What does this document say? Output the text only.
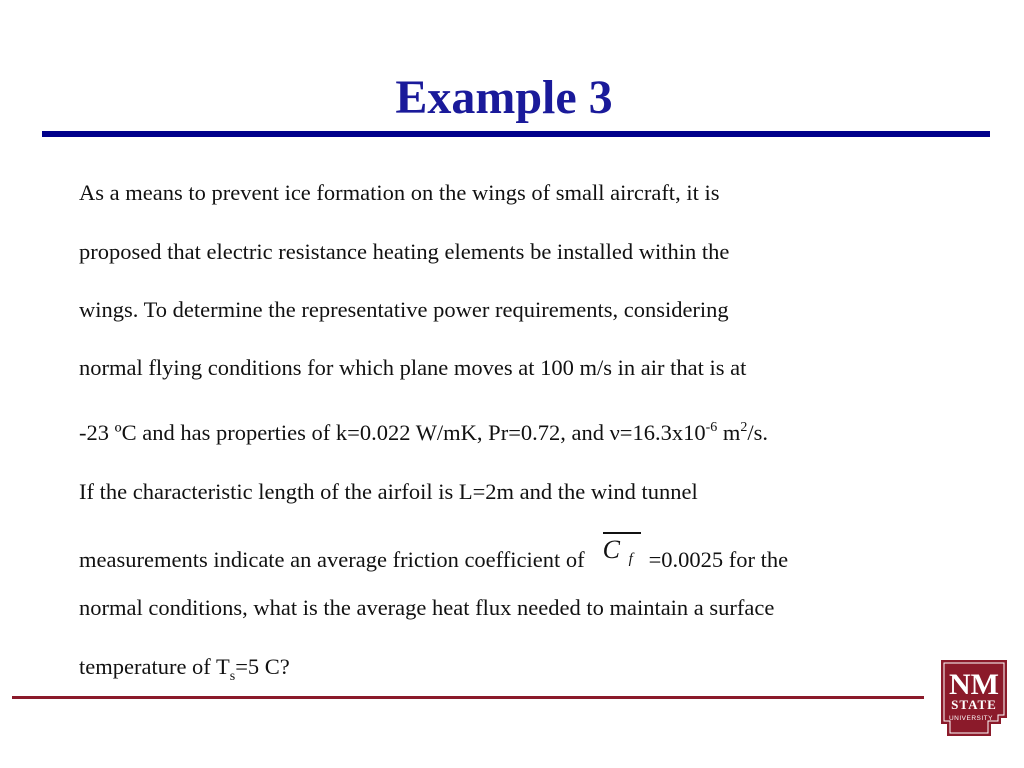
Example 3
As a means to prevent ice formation on the wings of small aircraft, it is
proposed that electric resistance heating elements be installed within the
wings. To determine the representative power requirements, considering
normal flying conditions for which plane moves at 100 m/s in air that is at
-23 ºC and has properties of k=0.022 W/mK, Pr=0.72, and $\nu=16.3x10^{-6}$ $m^2/s$.
If the characteristic length of the airfoil is L=2m and the wind tunnel
measurements indicate an average friction coefficient of C f =0.0025 for the
normal conditions, what is the average heat flux needed to maintain a surface
temperature of $T_s=5$ C?
NM
STATE
UNIVERSITY
